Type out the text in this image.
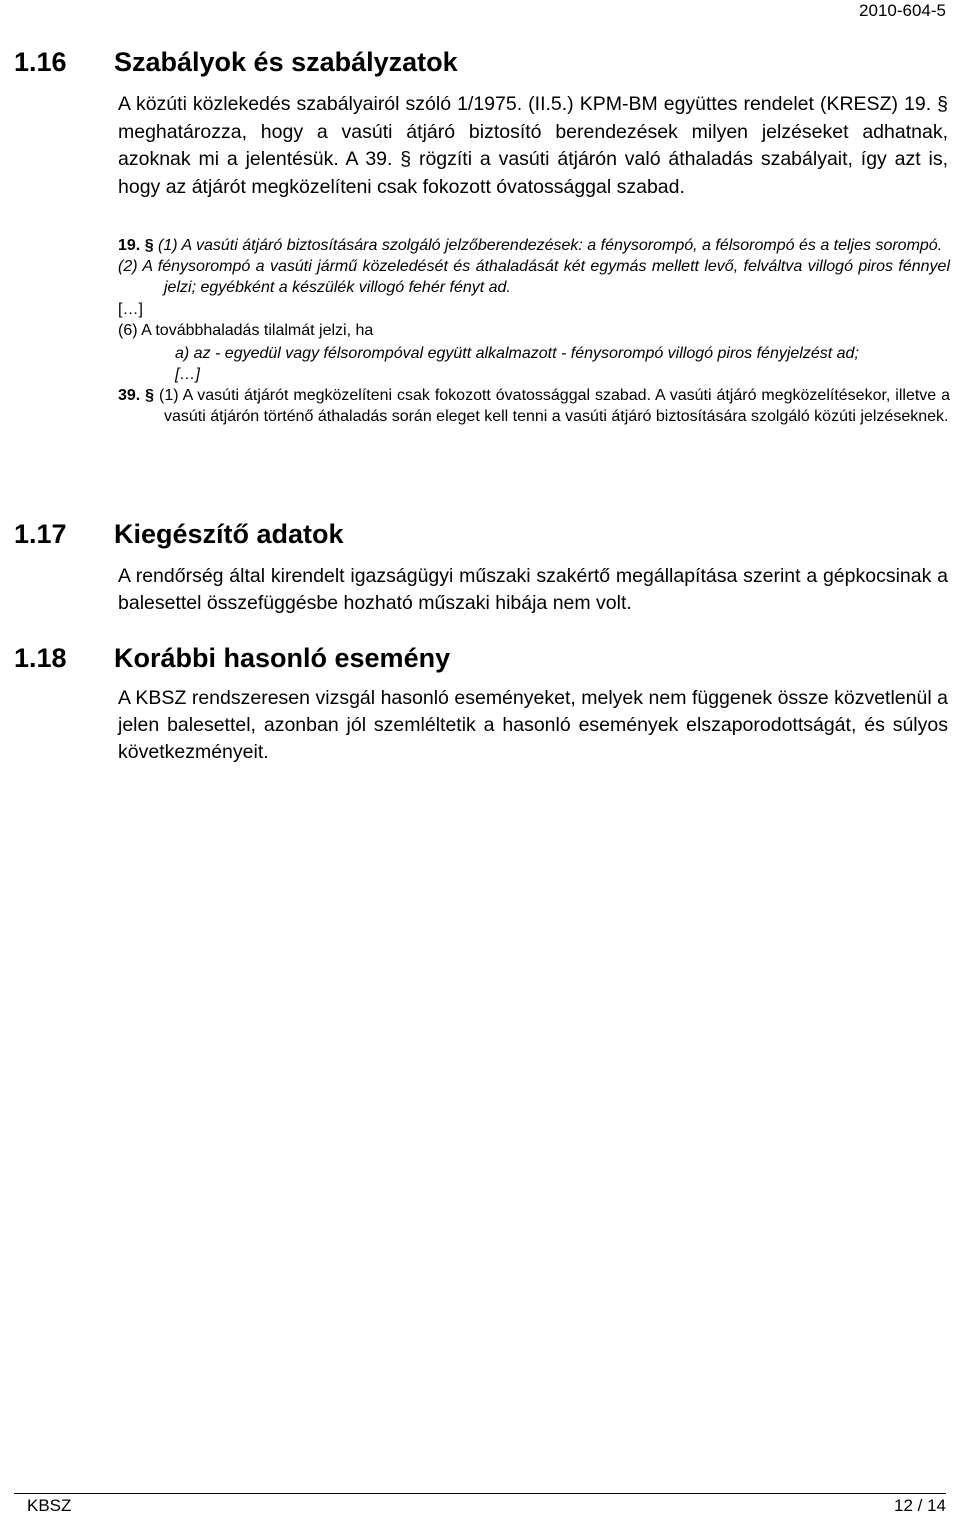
2010-604-5
1.16 Szabályok és szabályzatok
A közúti közlekedés szabályairól szóló 1/1975. (II.5.) KPM-BM együttes rendelet (KRESZ) 19. § meghatározza, hogy a vasúti átjáró biztosító berendezések milyen jelzéseket adhatnak, azoknak mi a jelentésük. A 39. § rögzíti a vasúti átjárón való áthaladás szabályait, így azt is, hogy az átjárót megközelíteni csak fokozott óvatossággal szabad.
19. § (1) A vasúti átjáró biztosítására szolgáló jelzőberendezések: a fénysorompó, a félsorompó és a teljes sorompó.
(2) A fénysorompó a vasúti jármű közeledését és áthaladását két egymás mellett levő, felváltva villogó piros fénnyel jelzi; egyébként a készülék villogó fehér fényt ad.
[…]
(6) A továbbhaladás tilalmát jelzi, ha
a) az - egyedül vagy félsorompóval együtt alkalmazott - fénysorompó villogó piros fényjelzést ad;
[…]
39. § (1) A vasúti átjárót megközelíteni csak fokozott óvatossággal szabad. A vasúti átjáró megközelítésekor, illetve a vasúti átjárón történő áthaladás során eleget kell tenni a vasúti átjáró biztosítására szolgáló közúti jelzéseknek.
1.17 Kiegészítő adatok
A rendőrség által kirendelt igazságügyi műszaki szakértő megállapítása szerint a gépkocsinak a balesettel összefüggésbe hozható műszaki hibája nem volt.
1.18 Korábbi hasonló esemény
A KBSZ rendszeresen vizsgál hasonló eseményeket, melyek nem függenek össze közvetlenül a jelen balesettel, azonban jól szemléltetik a hasonló események elszaporodottságát, és súlyos következményeit.
KBSZ	12 / 14
